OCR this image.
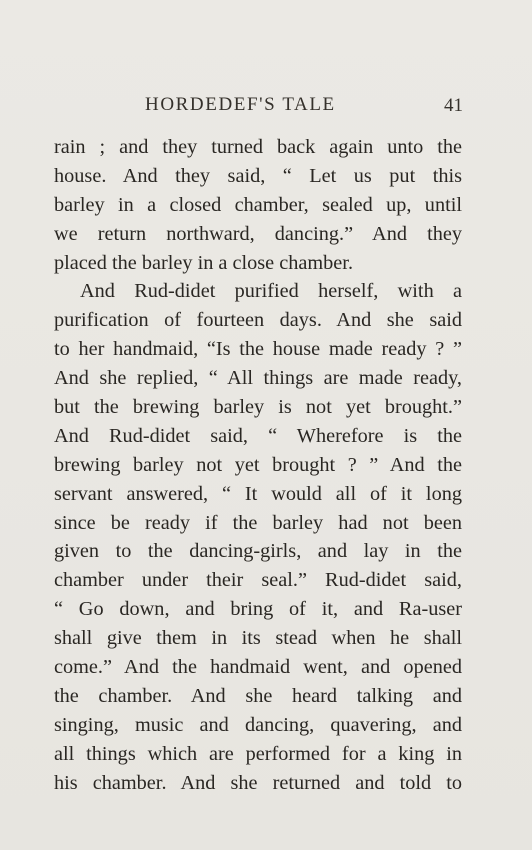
HORDEDEF'S TALE	41
rain ; and they turned back again unto the
house. And they said, “ Let us put this
barley in a closed chamber, sealed up, until
we return northward, dancing.” And they
placed the barley in a close chamber.
And Rud-didet purified herself, with a
purification of fourteen days. And she said
to her handmaid, “Is the house made ready ? ”
And she replied, “ All things are made ready,
but the brewing barley is not yet brought.”
And Rud-didet said, “ Wherefore is the
brewing barley not yet brought ? ” And the
servant answered, “ It would all of it long
since be ready if the barley had not been
given to the dancing-girls, and lay in the
chamber under their seal.” Rud-didet said,
“ Go down, and bring of it, and Ra-user
shall give them in its stead when he shall
come.” And the handmaid went, and opened
the chamber. And she heard talking and
singing, music and dancing, quavering, and
all things which are performed for a king in
his chamber. And she returned and told to
